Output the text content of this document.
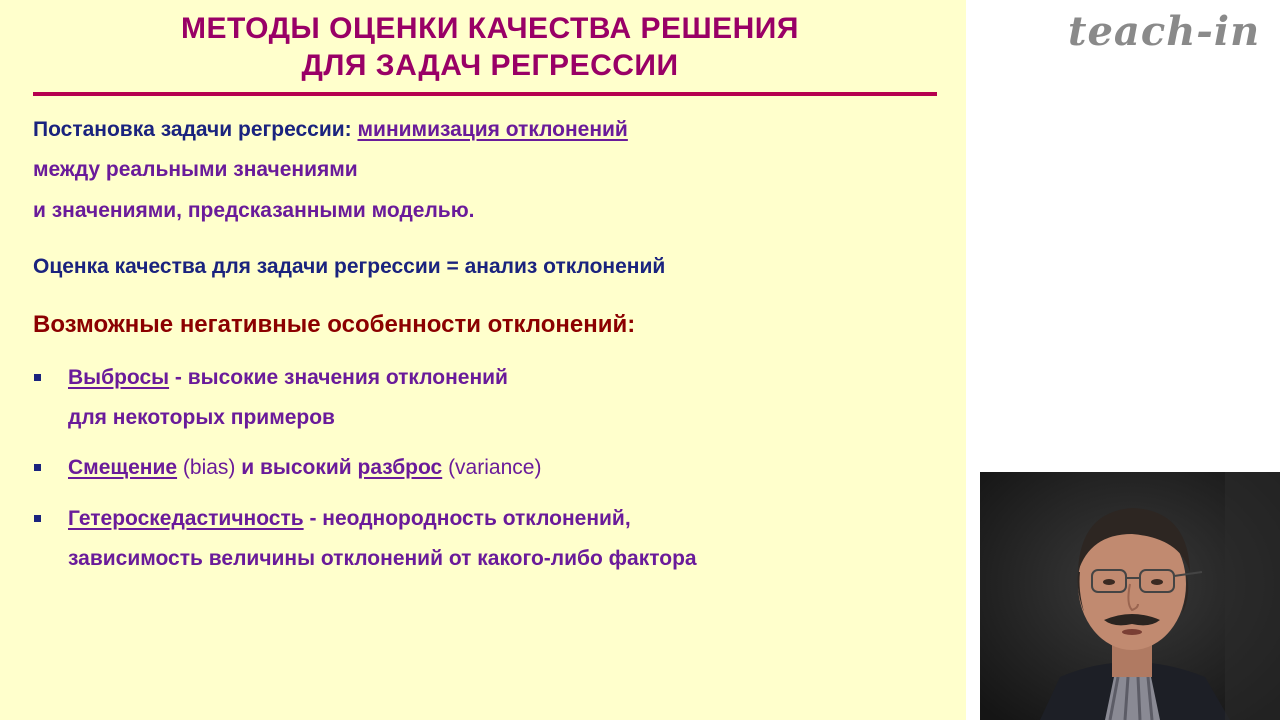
МЕТОДЫ ОЦЕНКИ КАЧЕСТВА РЕШЕНИЯ
ДЛЯ ЗАДАЧ РЕГРЕССИИ
Постановка задачи регрессии: минимизация отклонений
между реальными значениями
и значениями, предсказанными моделью.
Оценка качества для задачи регрессии = анализ отклонений
Возможные негативные особенности отклонений:
Выбросы - высокие значения отклонений
для некоторых примеров
Смещение (bias) и высокий разброс (variance)
Гетероскедастичность - неоднородность отклонений,
зависимость величины отклонений от какого-либо фактора
teach-in
